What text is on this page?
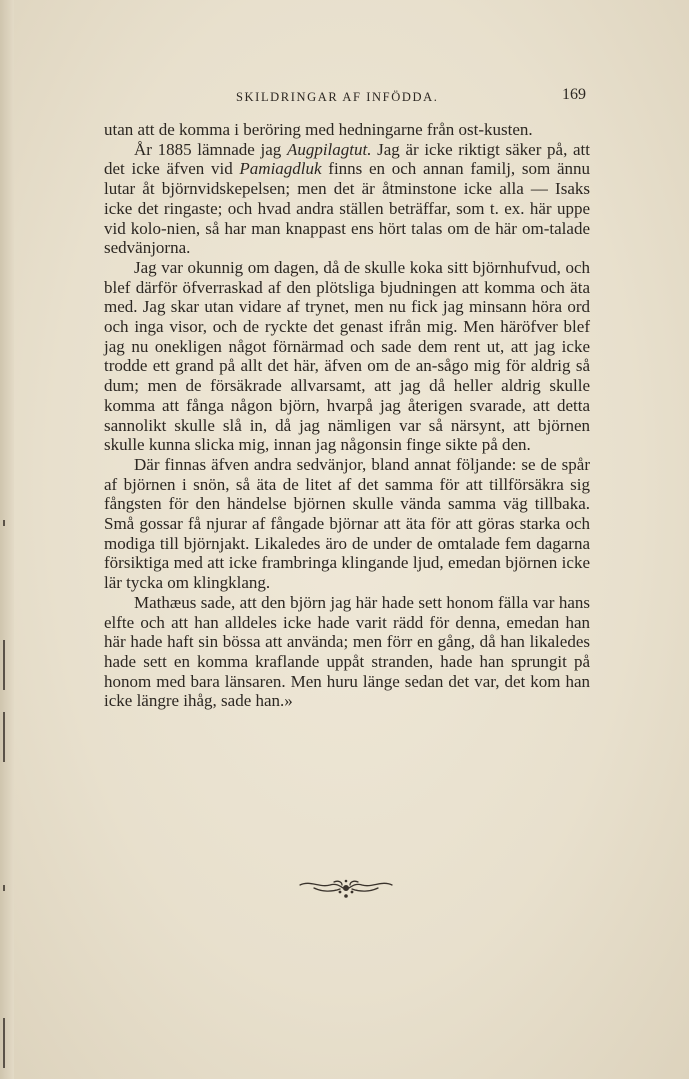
SKILDRINGAR AF INFÖDDA.	169

utan att de komma i beröring med hedningarne från ost-kusten.

År 1885 lämnade jag Augpilagtut. Jag är icke riktigt säker på, att det icke äfven vid Pamiagdluk finns en och annan familj, som ännu lutar åt björnvidskepelsen; men det är åtminstone icke alla — Isaks icke det ringaste; och hvad andra ställen beträffar, som t. ex. här uppe vid kolo-nien, så har man knappast ens hört talas om de här om-talade sedvänjorna.

Jag var okunnig om dagen, då de skulle koka sitt björnhufvud, och blef därför öfverraskad af den plötsliga bjudningen att komma och äta med. Jag skar utan vidare af trynet, men nu fick jag minsann höra ord och inga visor, och de ryckte det genast ifrån mig. Men häröfver blef jag nu onekligen något förnärmad och sade dem rent ut, att jag icke trodde ett grand på allt det här, äfven om de an-sågo mig för aldrig så dum; men de försäkrade allvarsamt, att jag då heller aldrig skulle komma att fånga någon björn, hvarpå jag återigen svarade, att detta sannolikt skulle slå in, då jag nämligen var så närsynt, att björnen skulle kunna slicka mig, innan jag någonsin finge sikte på den.

Där finnas äfven andra sedvänjor, bland annat följande: se de spår af björnen i snön, så äta de litet af det samma för att tillförsäkra sig fångsten för den händelse björnen skulle vända samma väg tillbaka. Små gossar få njurar af fångade björnar att äta för att göras starka och modiga till björnjakt. Likaledes äro de under de omtalade fem dagarna försiktiga med att icke frambringa klingande ljud, emedan björnen icke lär tycka om klingklang.

Mathæus sade, att den björn jag här hade sett honom fälla var hans elfte och att han alldeles icke hade varit rädd för denna, emedan han här hade haft sin bössa att använda; men förr en gång, då han likaledes hade sett en komma kraflande uppåt stranden, hade han sprungit på honom med bara länsaren. Men huru länge sedan det var, det kom han icke längre ihåg, sade han.»
